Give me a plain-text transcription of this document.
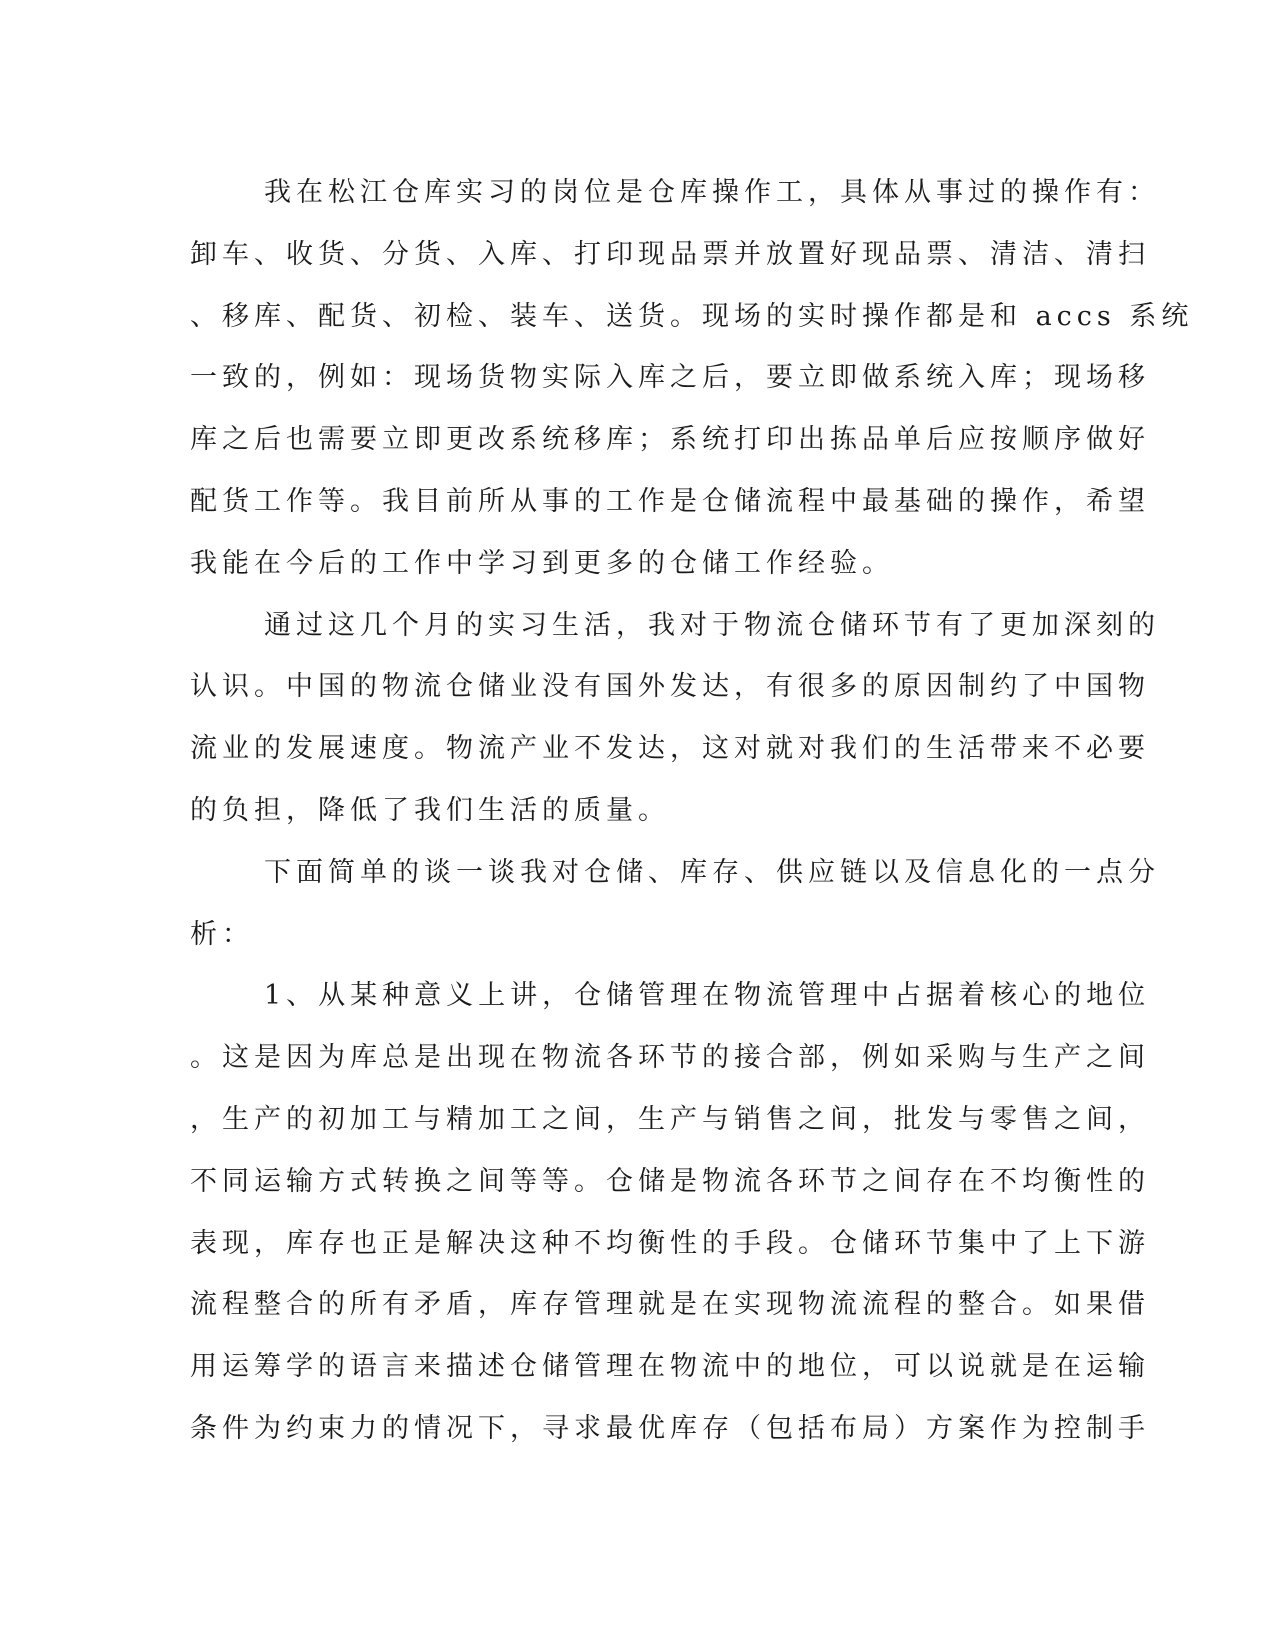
我在松江仓库实习的岗位是仓库操作工，具体从事过的操作有：
卸车、收货、分货、入库、打印现品票并放置好现品票、清洁、清扫
、移库、配货、初检、装车、送货。现场的实时操作都是和 accs 系统
一致的，例如：现场货物实际入库之后，要立即做系统入库；现场移
库之后也需要立即更改系统移库；系统打印出拣品单后应按顺序做好
配货工作等。我目前所从事的工作是仓储流程中最基础的操作，希望
我能在今后的工作中学习到更多的仓储工作经验。
通过这几个月的实习生活，我对于物流仓储环节有了更加深刻的
认识。中国的物流仓储业没有国外发达，有很多的原因制约了中国物
流业的发展速度。物流产业不发达，这对就对我们的生活带来不必要
的负担，降低了我们生活的质量。
下面简单的谈一谈我对仓储、库存、供应链以及信息化的一点分
析：
1、从某种意义上讲，仓储管理在物流管理中占据着核心的地位
。这是因为库总是出现在物流各环节的接合部，例如采购与生产之间
，生产的初加工与精加工之间，生产与销售之间，批发与零售之间，
不同运输方式转换之间等等。仓储是物流各环节之间存在不均衡性的
表现，库存也正是解决这种不均衡性的手段。仓储环节集中了上下游
流程整合的所有矛盾，库存管理就是在实现物流流程的整合。如果借
用运筹学的语言来描述仓储管理在物流中的地位，可以说就是在运输
条件为约束力的情况下，寻求最优库存（包括布局）方案作为控制手
